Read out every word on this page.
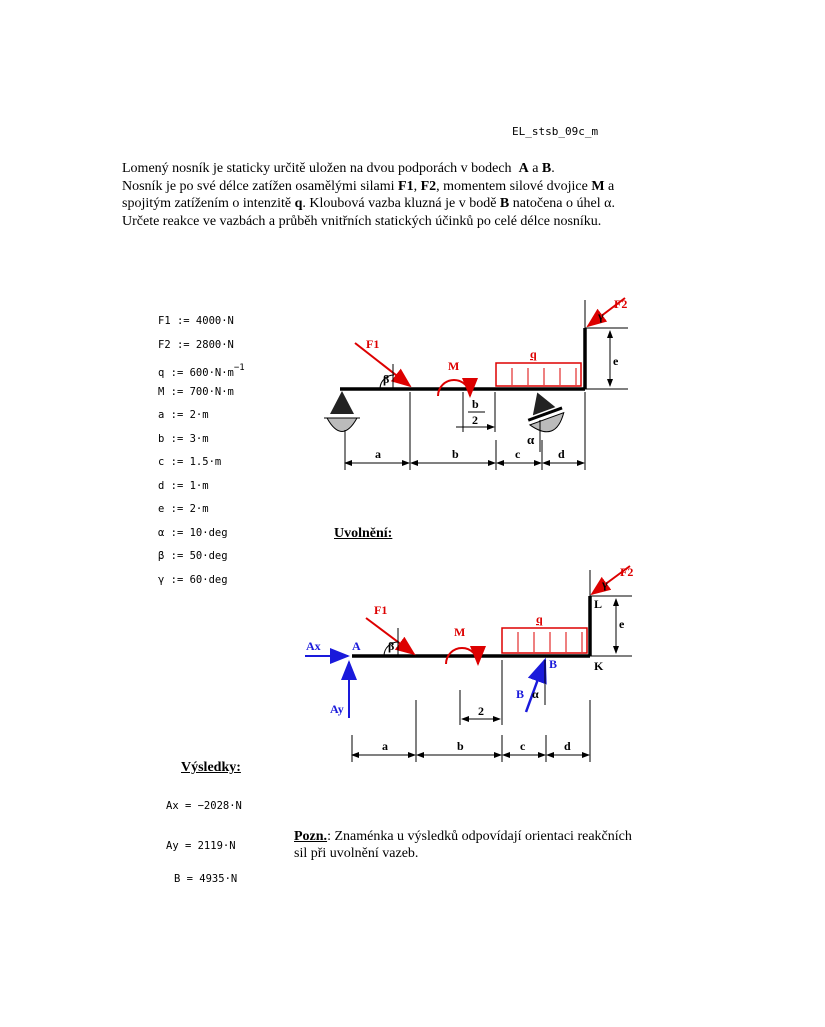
EL_stsb_09c_m

Lomený nosník je staticky určitě uložen na dvou podporách v bodech A a B.

Nosník je po své délce zatížen osamělými silami F1, F2, momentem silové dvojice M a

spojitým zatížením o intenzitě q. Kloubová vazba kluzná je v bodě B natočena o úhel α.

Určete reakce ve vazbách a průběh vnitřních statických účinků po celé délce nosníku.

F1 := 4000·N
F2 := 2800·N
q := $600\cdot N\cdot m^{-1}$
M := 700·N·m
a := 2·m
b := 3·m
c := 1.5·m
d := 1·m
e := 2·m
α := 10·deg
β := 50·deg
γ := 60·deg
α
F1
β
M
q
F2
γ
e
b
2
a	b	c	d
Ax	A
Ay
F1
β
M
q
α
B
B	K
L
F2
γ
e
2
a	b	c	d
Uvolnění:
Výsledky:
Ax = −2028·N
Ay = 2119·N
B = 4935·N

Pozn.: Znaménka u výsledků odpovídají orientaci reakčních

sil při uvolnění vazeb.
